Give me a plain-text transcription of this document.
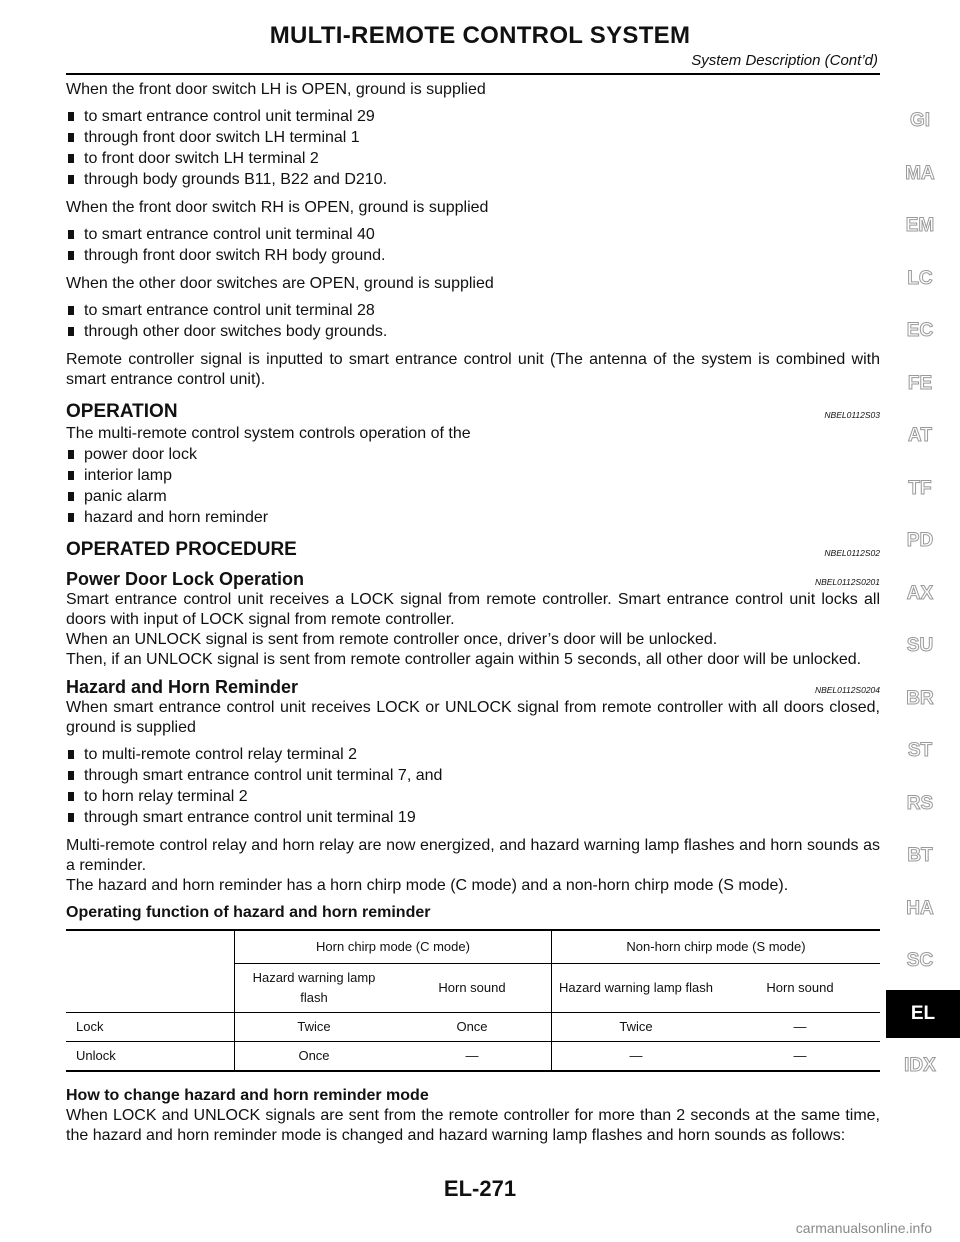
MULTI-REMOTE CONTROL SYSTEM
System Description (Cont’d)

When the front door switch LH is OPEN, ground is supplied

to smart entrance control unit terminal 29
through front door switch LH terminal 1
to front door switch LH terminal 2
through body grounds B11, B22 and D210.

When the front door switch RH is OPEN, ground is supplied

to smart entrance control unit terminal 40
through front door switch RH body ground.

When the other door switches are OPEN, ground is supplied

to smart entrance control unit terminal 28
through other door switches body grounds.

Remote controller signal is inputted to smart entrance control unit (The antenna of the system is combined with smart entrance control unit).

OPERATION	NBEL0112S03

The multi-remote control system controls operation of the

power door lock
interior lamp
panic alarm
hazard and horn reminder
OPERATED PROCEDURE	NBEL0112S02
Power Door Lock Operation	NBEL0112S0201
Smart entrance control unit receives a LOCK signal from remote controller. Smart entrance control unit locks all doors with input of LOCK signal from remote controller.
When an UNLOCK signal is sent from remote controller once, driver’s door will be unlocked.
Then, if an UNLOCK signal is sent from remote controller again within 5 seconds, all other door will be unlocked.
Hazard and Horn Reminder	NBEL0112S0204

When smart entrance control unit receives LOCK or UNLOCK signal from remote controller with all doors closed, ground is supplied

to multi-remote control relay terminal 2
through smart entrance control unit terminal 7, and
to horn relay terminal 2
through smart entrance control unit terminal 19
Multi-remote control relay and horn relay are now energized, and hazard warning lamp flashes and horn sounds as a reminder.

The hazard and horn reminder has a horn chirp mode (C mode) and a non-horn chirp mode (S mode).

Operating function of hazard and horn reminder
	Horn chirp mode (C mode)		Non-horn chirp mode (S mode)	
	Hazard warning lamp flash	Horn sound	Hazard warning lamp flash	Horn sound
Lock	Twice	Once	Twice	—
Unlock	Once	—	—	—
How to change hazard and horn reminder mode
When LOCK and UNLOCK signals are sent from the remote controller for more than 2 seconds at the same time, the hazard and horn reminder mode is changed and hazard warning lamp flashes and horn sounds as follows:
GI
MA
EM
LC
EC
FE
AT
TF
PD
AX
SU
BR
ST
RS
BT
HA
SC
EL
IDX
EL-271
carmanualsonline.info
